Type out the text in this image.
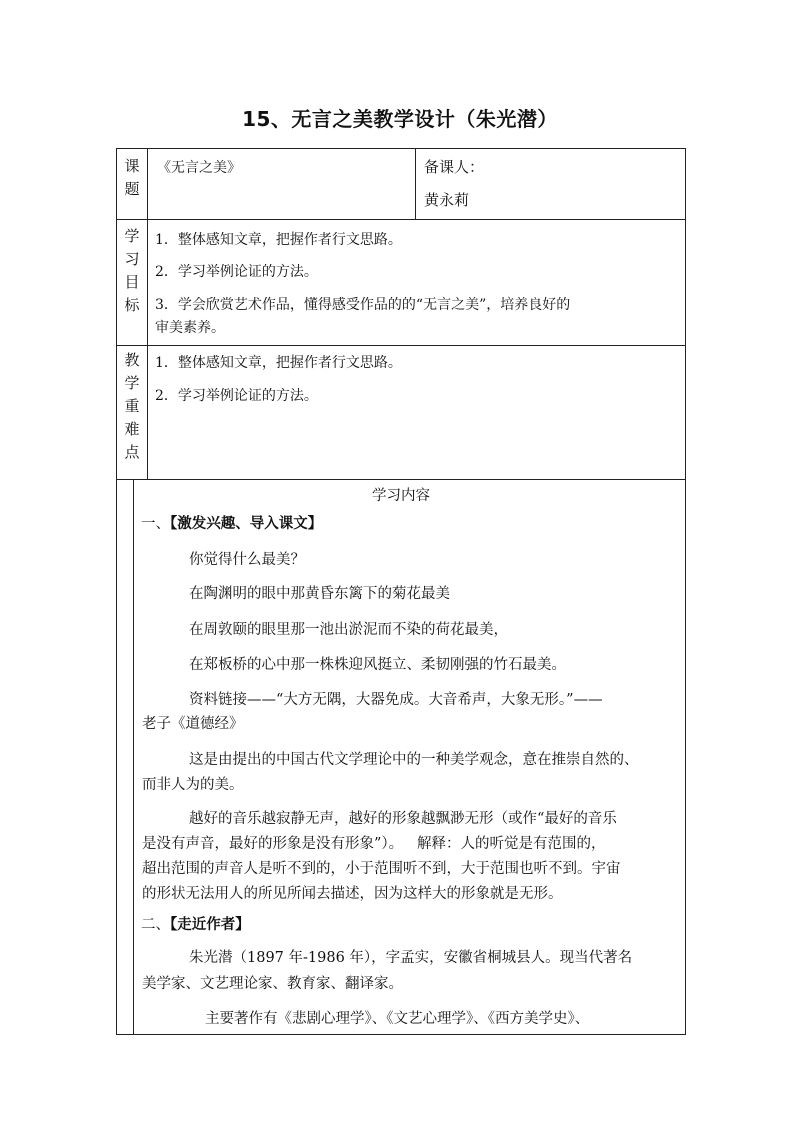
15、无言之美教学设计（朱光潜）
课
题
《无言之美》	备课人：
黄永莉
学
习
目
标
1．整体感知文章，把握作者行文思路。
2．学习举例论证的方法。
3．学会欣赏艺术作品，懂得感受作品的的“无言之美”，培养良好的
审美素养。
教
学
重
难
点
1．整体感知文章，把握作者行文思路。
2．学习举例论证的方法。
学习内容
一、【激发兴趣、导入课文】
你觉得什么最美？
在陶渊明的眼中那黄昏东篱下的菊花最美
在周敦颐的眼里那一池出淤泥而不染的荷花最美，
在郑板桥的心中那一株株迎风挺立、柔韧刚强的竹石最美。
资料链接——“大方无隅，大器免成。大音希声，大象无形。”——
老子《道德经》
这是由提出的中国古代文学理论中的一种美学观念，意在推崇自然的、
而非人为的美。
越好的音乐越寂静无声，越好的形象越飘渺无形（或作“最好的音乐
是没有声音，最好的形象是没有形象”）。   解释：人的听觉是有范围的，
超出范围的声音人是听不到的，小于范围听不到，大于范围也听不到。宇宙
的形状无法用人的所见所闻去描述，因为这样大的形象就是无形。
二、【走近作者】
朱光潜（1897 年-1986 年），字孟实，安徽省桐城县人。现当代著名
美学家、文艺理论家、教育家、翻译家。
主要著作有《悲剧心理学》、《文艺心理学》、《西方美学史》、
